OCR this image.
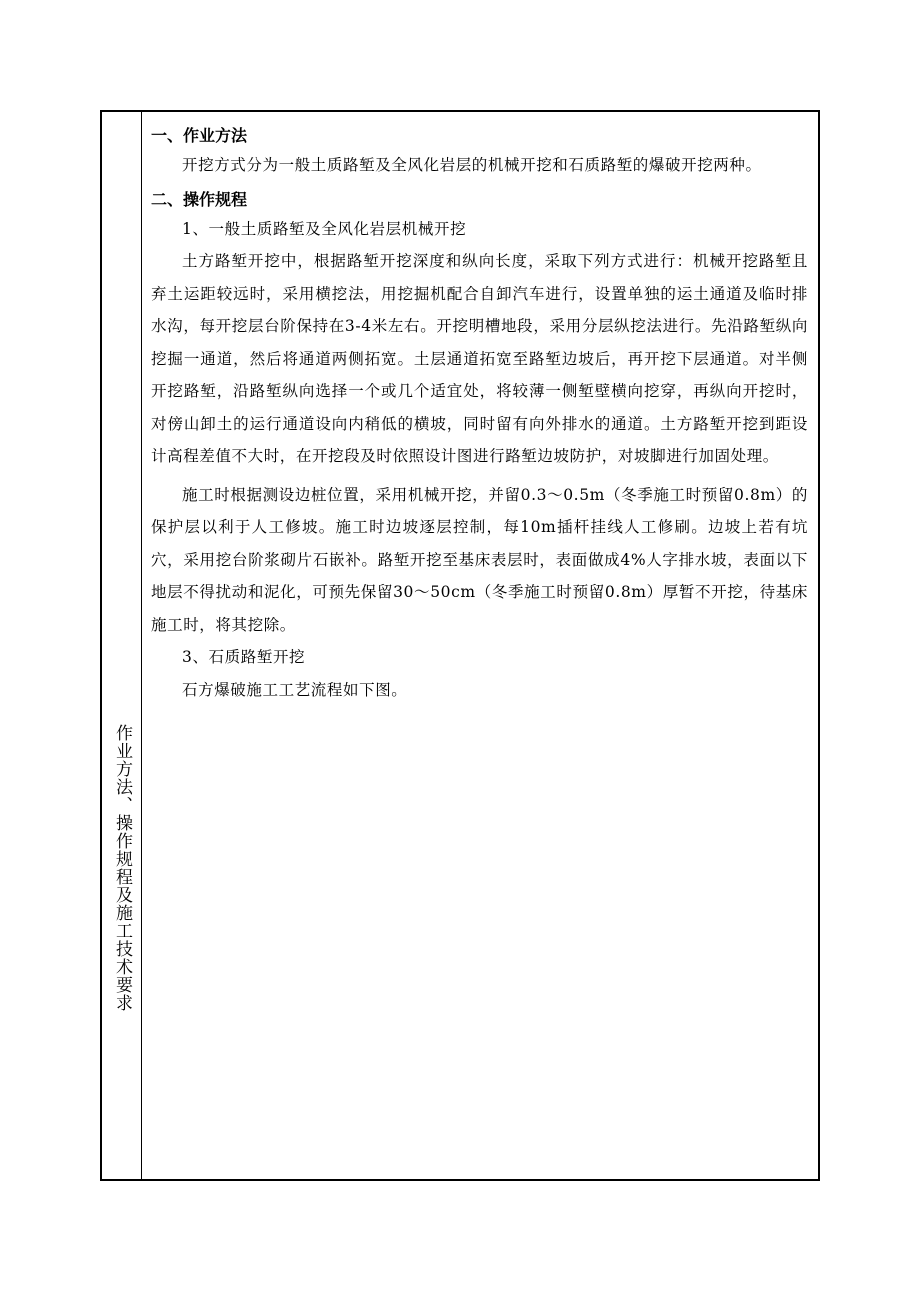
作业方法、操作规程及施工技术要求

一、作业方法

开挖方式分为一般土质路堑及全风化岩层的机械开挖和石质路堑的爆破开挖两种。

二、操作规程

1、一般土质路堑及全风化岩层机械开挖

土方路堑开挖中，根据路堑开挖深度和纵向长度，采取下列方式进行：机械开挖路堑且弃土运距较远时，采用横挖法，用挖掘机配合自卸汽车进行，设置单独的运土通道及临时排水沟，每开挖层台阶保持在3-4米左右。开挖明槽地段，采用分层纵挖法进行。先沿路堑纵向挖掘一通道，然后将通道两侧拓宽。土层通道拓宽至路堑边坡后，再开挖下层通道。对半侧开挖路堑，沿路堑纵向选择一个或几个适宜处，将较薄一侧堑壁横向挖穿，再纵向开挖时，对傍山卸土的运行通道设向内稍低的横坡，同时留有向外排水的通道。土方路堑开挖到距设计高程差值不大时，在开挖段及时依照设计图进行路堑边坡防护，对坡脚进行加固处理。

施工时根据测设边桩位置，采用机械开挖，并留0.3～0.5m（冬季施工时预留0.8m）的保护层以利于人工修坡。施工时边坡逐层控制，每10m插杆挂线人工修刷。边坡上若有坑穴，采用挖台阶浆砌片石嵌补。路堑开挖至基床表层时，表面做成4%人字排水坡，表面以下地层不得扰动和泥化，可预先保留30～50cm（冬季施工时预留0.8m）厚暂不开挖，待基床施工时，将其挖除。

3、石质路堑开挖

石方爆破施工工艺流程如下图。
